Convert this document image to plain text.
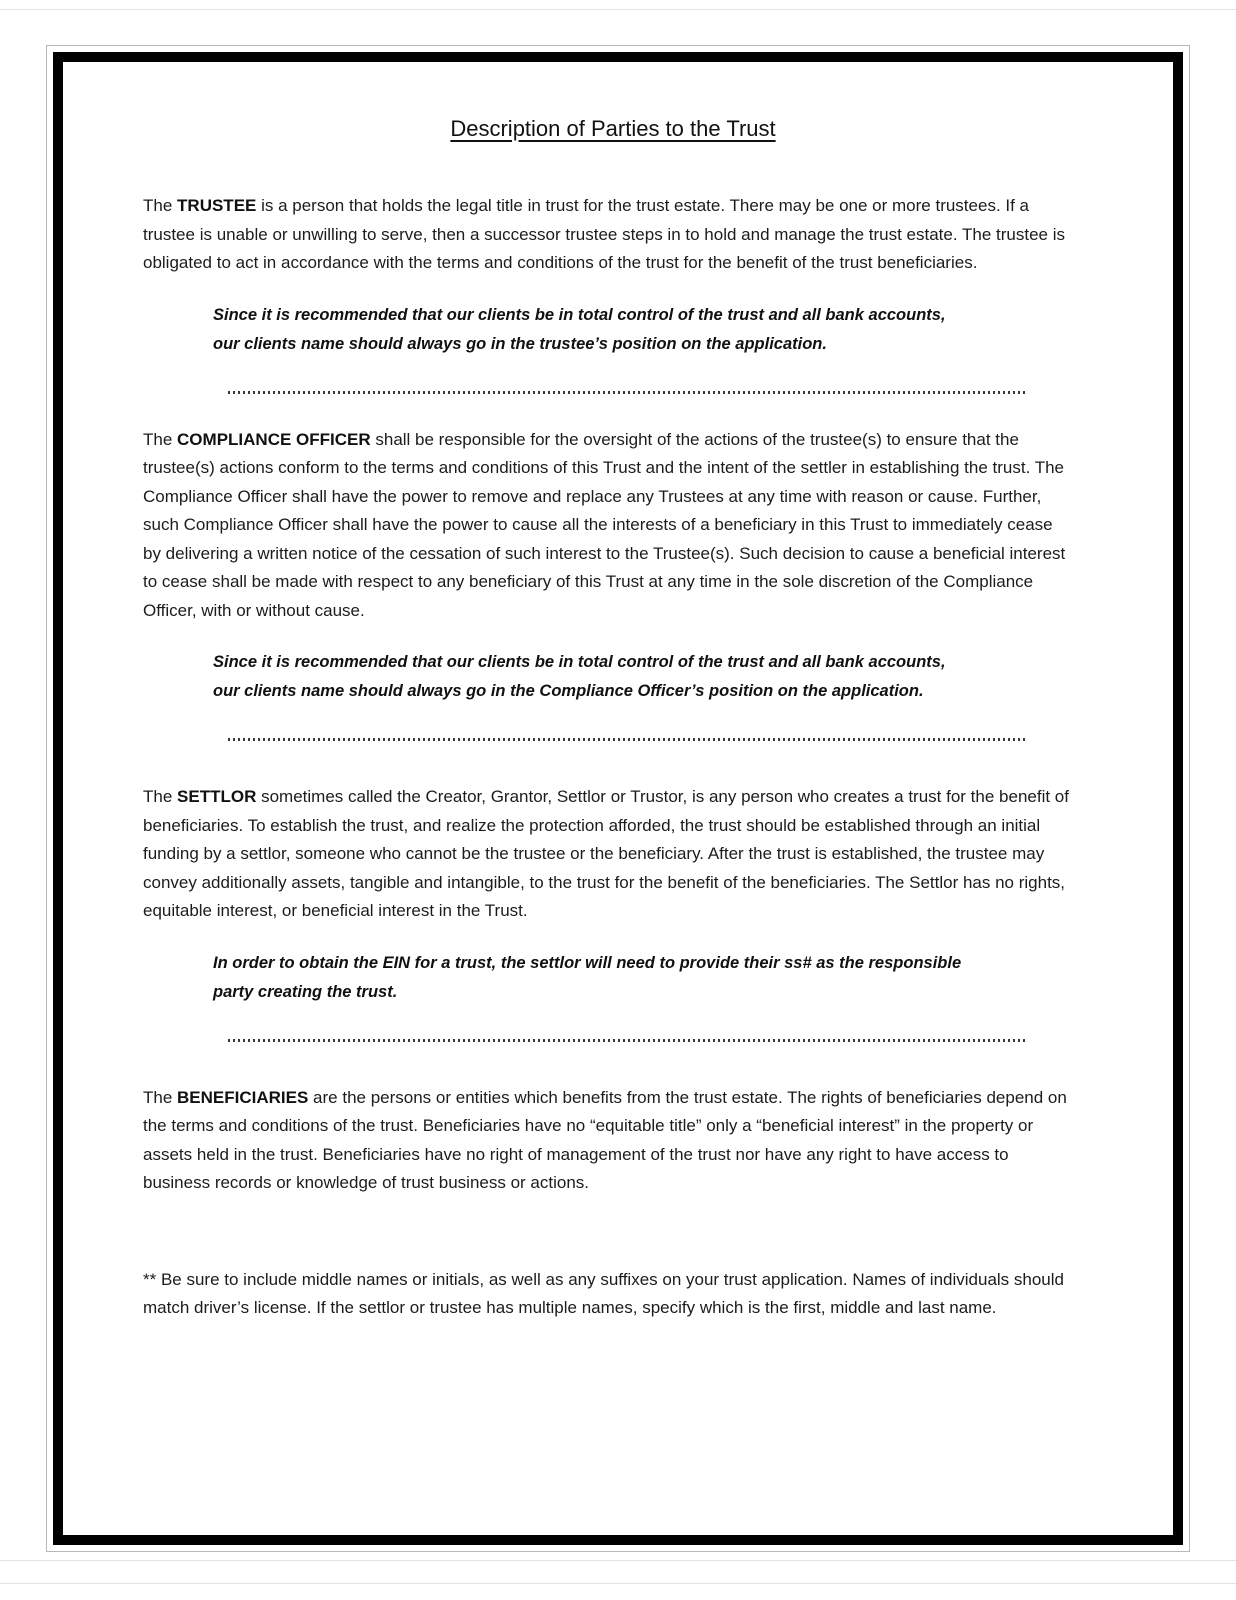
Description of Parties to the Trust

The TRUSTEE is a person that holds the legal title in trust for the trust estate. There may be one or more trustees. If a trustee is unable or unwilling to serve, then a successor trustee steps in to hold and manage the trust estate. The trustee is obligated to act in accordance with the terms and conditions of the trust for the benefit of the trust beneficiaries.

Since it is recommended that our clients be in total control of the trust and all bank accounts, our clients name should always go in the trustee’s position on the application.

The COMPLIANCE OFFICER shall be responsible for the oversight of the actions of the trustee(s) to ensure that the trustee(s) actions conform to the terms and conditions of this Trust and the intent of the settler in establishing the trust. The Compliance Officer shall have the power to remove and replace any Trustees at any time with reason or cause. Further, such Compliance Officer shall have the power to cause all the interests of a beneficiary in this Trust to immediately cease by delivering a written notice of the cessation of such interest to the Trustee(s). Such decision to cause a beneficial interest to cease shall be made with respect to any beneficiary of this Trust at any time in the sole discretion of the Compliance Officer, with or without cause.

Since it is recommended that our clients be in total control of the trust and all bank accounts, our clients name should always go in the Compliance Officer’s position on the application.

The SETTLOR sometimes called the Creator, Grantor, Settlor or Trustor, is any person who creates a trust for the benefit of beneficiaries. To establish the trust, and realize the protection afforded, the trust should be established through an initial funding by a settlor, someone who cannot be the trustee or the beneficiary. After the trust is established, the trustee may convey additionally assets, tangible and intangible, to the trust for the benefit of the beneficiaries. The Settlor has no rights, equitable interest, or beneficial interest in the Trust.

In order to obtain the EIN for a trust, the settlor will need to provide their ss# as the responsible party creating the trust.

The BENEFICIARIES are the persons or entities which benefits from the trust estate. The rights of beneficiaries depend on the terms and conditions of the trust. Beneficiaries have no “equitable title” only a “beneficial interest” in the property or assets held in the trust. Beneficiaries have no right of management of the trust nor have any right to have access to business records or knowledge of trust business or actions.

** Be sure to include middle names or initials, as well as any suffixes on your trust application. Names of individuals should match driver’s license. If the settlor or trustee has multiple names, specify which is the first, middle and last name.
